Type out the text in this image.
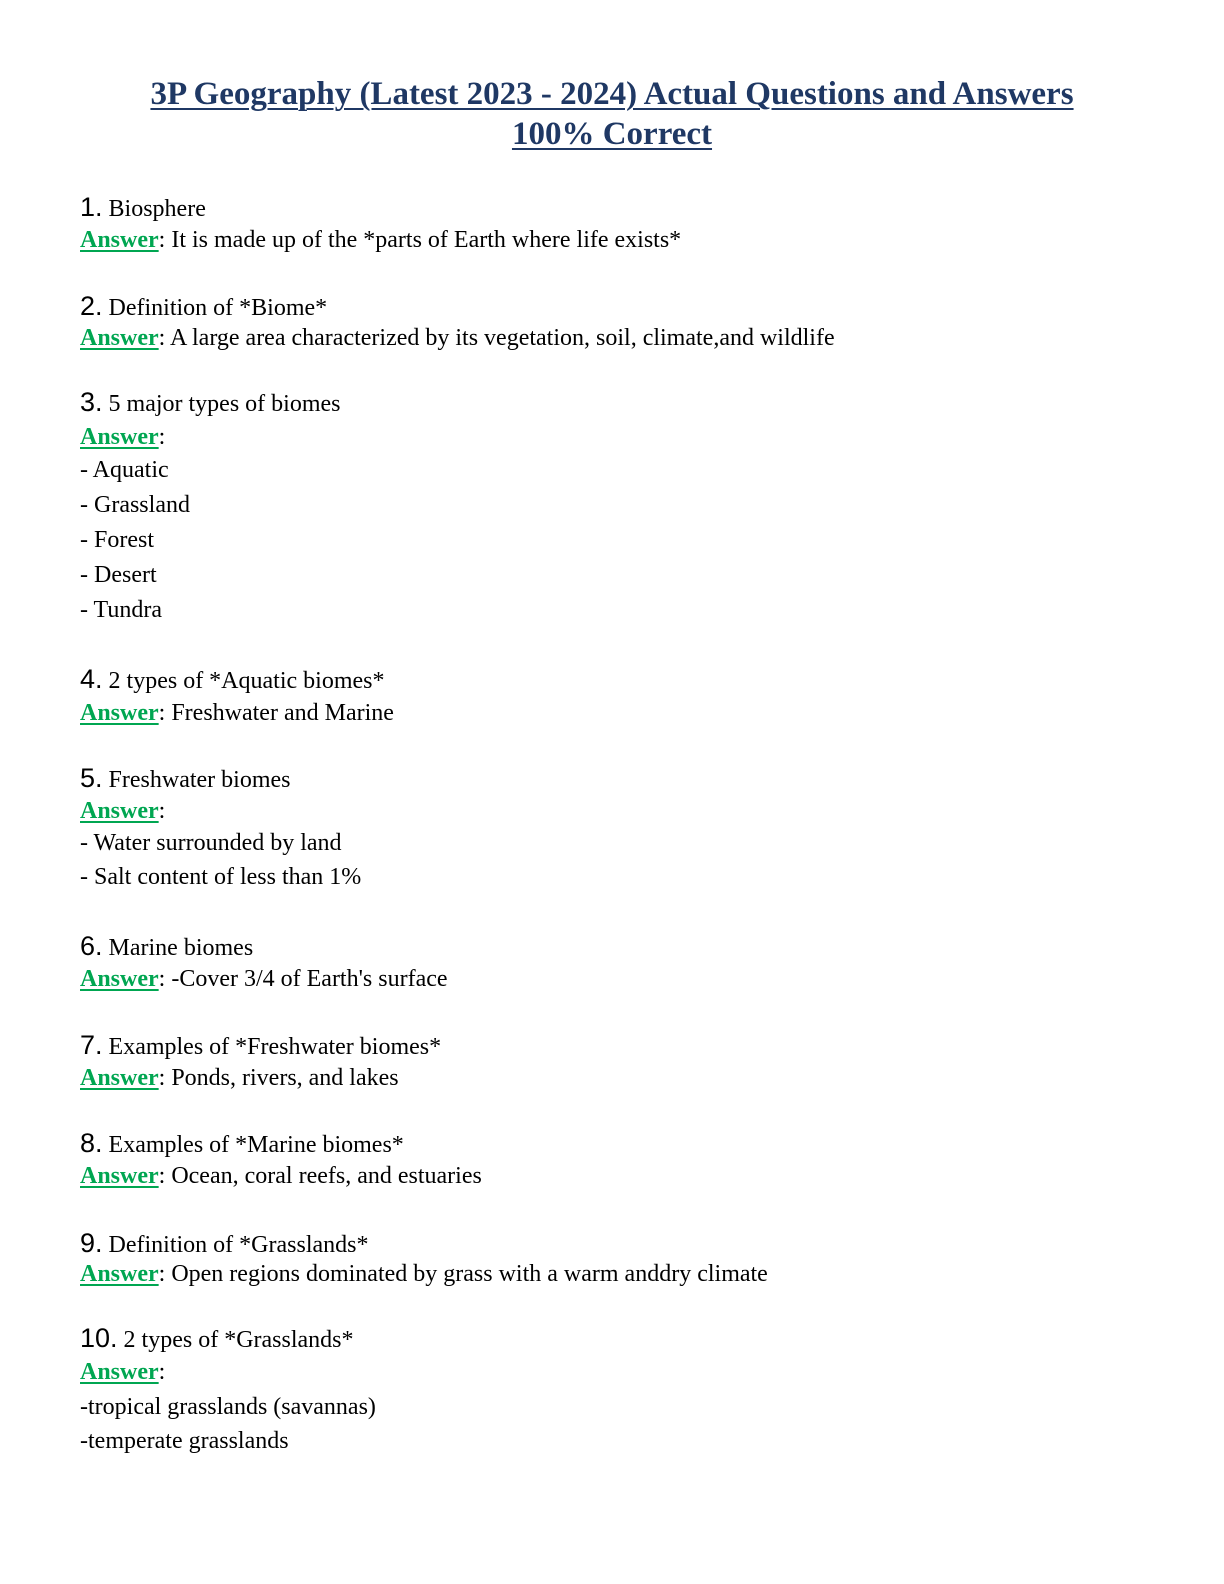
3P Geography (Latest 2023 - 2024) Actual Questions and Answers
100% Correct
1. Biosphere
Answer: It is made up of the *parts of Earth where life exists*
2. Definition of *Biome*
Answer: A large area characterized by its vegetation, soil, climate,and wildlife
3. 5 major types of biomes
Answer:
- Aquatic
- Grassland
- Forest
- Desert
- Tundra
4. 2 types of *Aquatic biomes*
Answer: Freshwater and Marine
5. Freshwater biomes
Answer:
- Water surrounded by land
- Salt content of less than 1%
6. Marine biomes
Answer: -Cover 3/4 of Earth's surface
7. Examples of *Freshwater biomes*
Answer: Ponds, rivers, and lakes
8. Examples of *Marine biomes*
Answer: Ocean, coral reefs, and estuaries
9. Definition of *Grasslands*
Answer: Open regions dominated by grass with a warm anddry climate
10. 2 types of *Grasslands*
Answer:
-tropical grasslands (savannas)
-temperate grasslands
